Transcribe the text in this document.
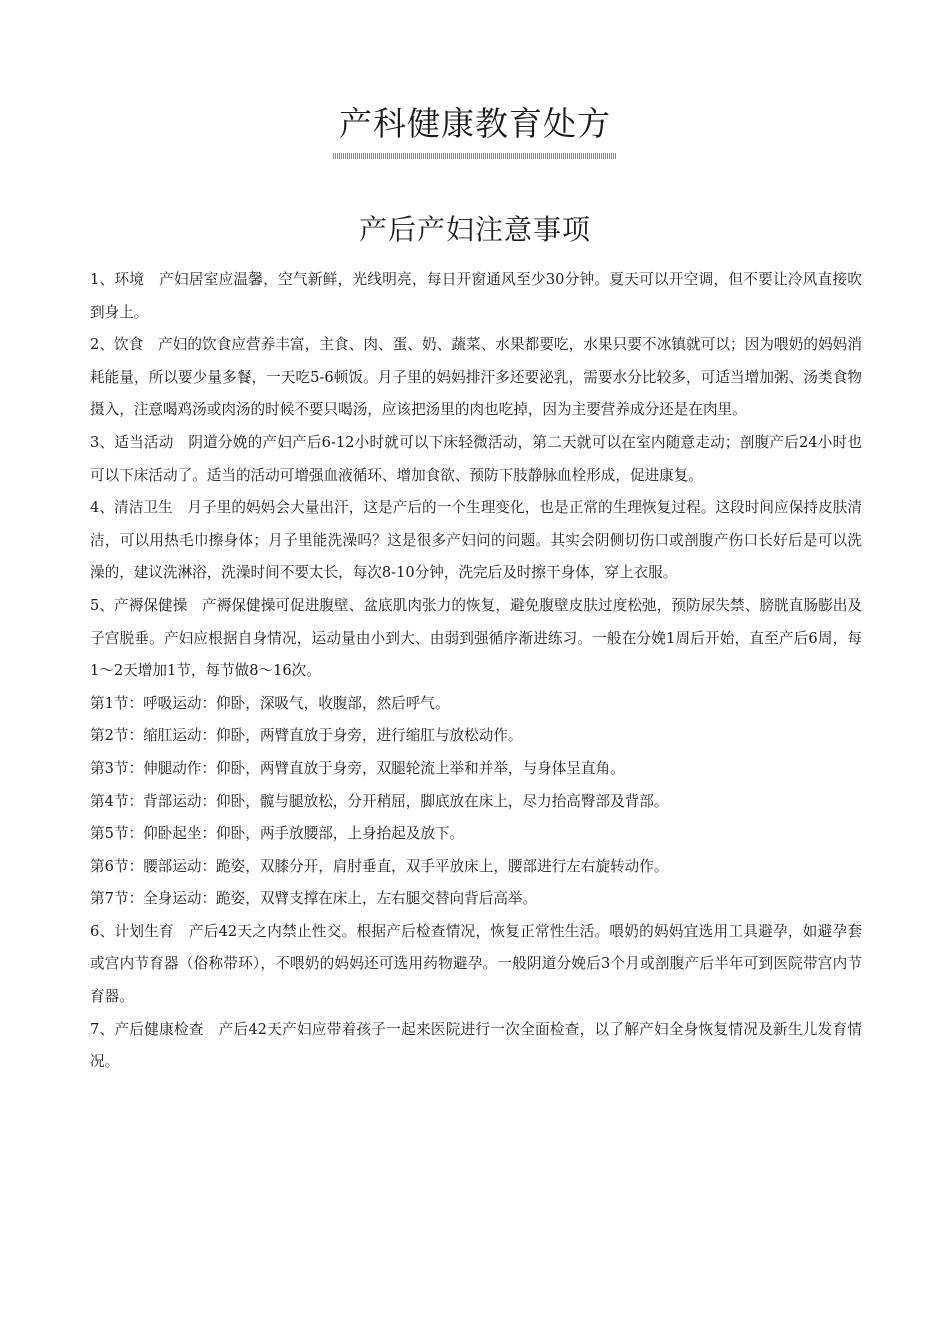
产科健康教育处方
产后产妇注意事项

1、环境　产妇居室应温馨，空气新鲜，光线明亮，每日开窗通风至少30分钟。夏天可以开空调，但不要让冷风直接吹到身上。

2、饮食　产妇的饮食应营养丰富，主食、肉、蛋、奶、蔬菜、水果都要吃，水果只要不冰镇就可以；因为喂奶的妈妈消耗能量，所以要少量多餐，一天吃5-6顿饭。月子里的妈妈排汗多还要泌乳，需要水分比较多，可适当增加粥、汤类食物摄入，注意喝鸡汤或肉汤的时候不要只喝汤，应该把汤里的肉也吃掉，因为主要营养成分还是在肉里。

3、适当活动　阴道分娩的产妇产后6-12小时就可以下床轻微活动，第二天就可以在室内随意走动；剖腹产后24小时也可以下床活动了。适当的活动可增强血液循环、增加食欲、预防下肢静脉血栓形成，促进康复。

4、清洁卫生　月子里的妈妈会大量出汗，这是产后的一个生理变化，也是正常的生理恢复过程。这段时间应保持皮肤清洁，可以用热毛巾擦身体；月子里能洗澡吗？这是很多产妇问的问题。其实会阴侧切伤口或剖腹产伤口长好后是可以洗澡的，建议洗淋浴，洗澡时间不要太长，每次8-10分钟，洗完后及时擦干身体，穿上衣服。

5、产褥保健操　产褥保健操可促进腹壁、盆底肌肉张力的恢复，避免腹壁皮肤过度松弛，预防尿失禁、膀胱直肠膨出及子宫脱垂。产妇应根据自身情况，运动量由小到大、由弱到强循序渐进练习。一般在分娩1周后开始，直至产后6周，每1～2天增加1节，每节做8～16次。

第1节：呼吸运动：仰卧，深吸气，收腹部，然后呼气。

第2节：缩肛运动：仰卧，两臂直放于身旁，进行缩肛与放松动作。

第3节：伸腿动作：仰卧，两臂直放于身旁，双腿轮流上举和并举，与身体呈直角。

第4节：背部运动：仰卧，髋与腿放松，分开稍屈，脚底放在床上，尽力抬高臀部及背部。

第5节：仰卧起坐：仰卧，两手放腰部，上身抬起及放下。

第6节：腰部运动：跪姿，双膝分开，肩肘垂直，双手平放床上，腰部进行左右旋转动作。

第7节：全身运动：跪姿，双臂支撑在床上，左右腿交替向背后高举。

6、计划生育　产后42天之内禁止性交。根据产后检查情况，恢复正常性生活。喂奶的妈妈宜选用工具避孕，如避孕套或宫内节育器（俗称带环），不喂奶的妈妈还可选用药物避孕。一般阴道分娩后3个月或剖腹产后半年可到医院带宫内节育器。

7、产后健康检查　产后42天产妇应带着孩子一起来医院进行一次全面检查，以了解产妇全身恢复情况及新生儿发育情况。
